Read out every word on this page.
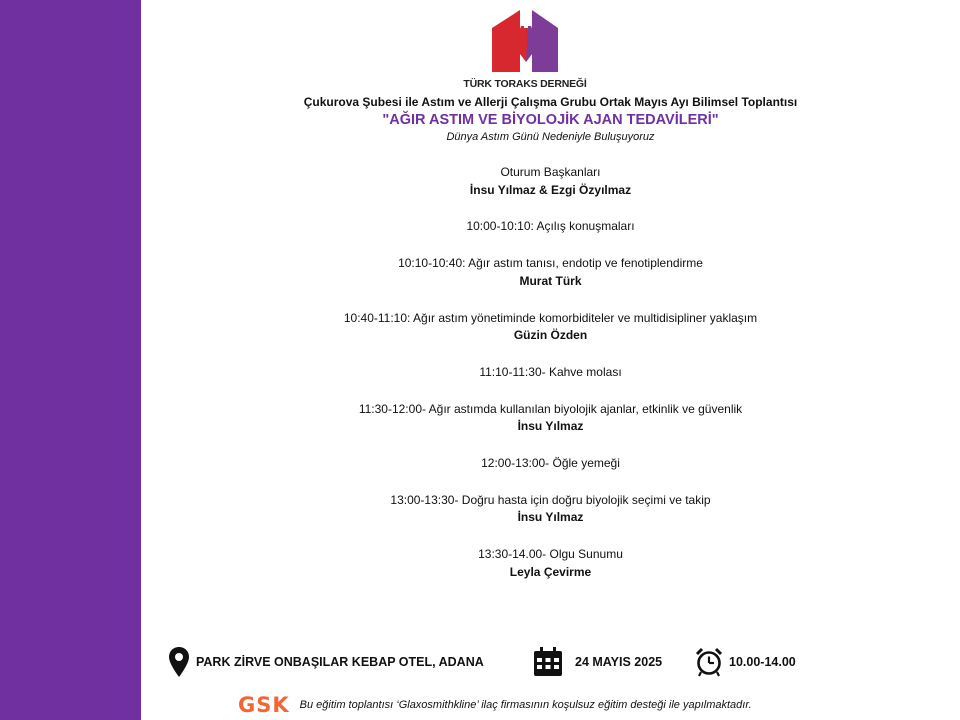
TÜRK TORAKS DERNEĞİ
Çukurova Şubesi ile Astım ve Allerji Çalışma Grubu Ortak Mayıs Ayı Bilimsel Toplantısı
"AĞIR ASTIM VE BİYOLOJİK AJAN TEDAVİLERİ"
Dünya Astım Günü Nedeniyle Buluşuyoruz
Oturum Başkanları
İnsu Yılmaz & Ezgi Özyılmaz
10:00-10:10: Açılış konuşmaları
10:10-10:40: Ağır astım tanısı, endotip ve fenotiplendirme
Murat Türk
10:40-11:10: Ağır astım yönetiminde komorbiditeler ve multidisipliner yaklaşım
Güzin Özden
11:10-11:30- Kahve molası
11:30-12:00- Ağır astımda kullanılan biyolojik ajanlar, etkinlik ve güvenlik
İnsu Yılmaz
12:00-13:00- Öğle yemeği
13:00-13:30- Doğru hasta için doğru biyolojik seçimi ve takip
İnsu Yılmaz
13:30-14.00- Olgu Sunumu
Leyla Çevirme
PARK ZİRVE ONBAŞILAR KEBAP OTEL, ADANA	24 MAYIS 2025	10.00-14.00
GSK Bu eğitim toplantısı ‘Glaxosmithkline’ ilaç firmasının koşulsuz eğitim desteği ile yapılmaktadır.
